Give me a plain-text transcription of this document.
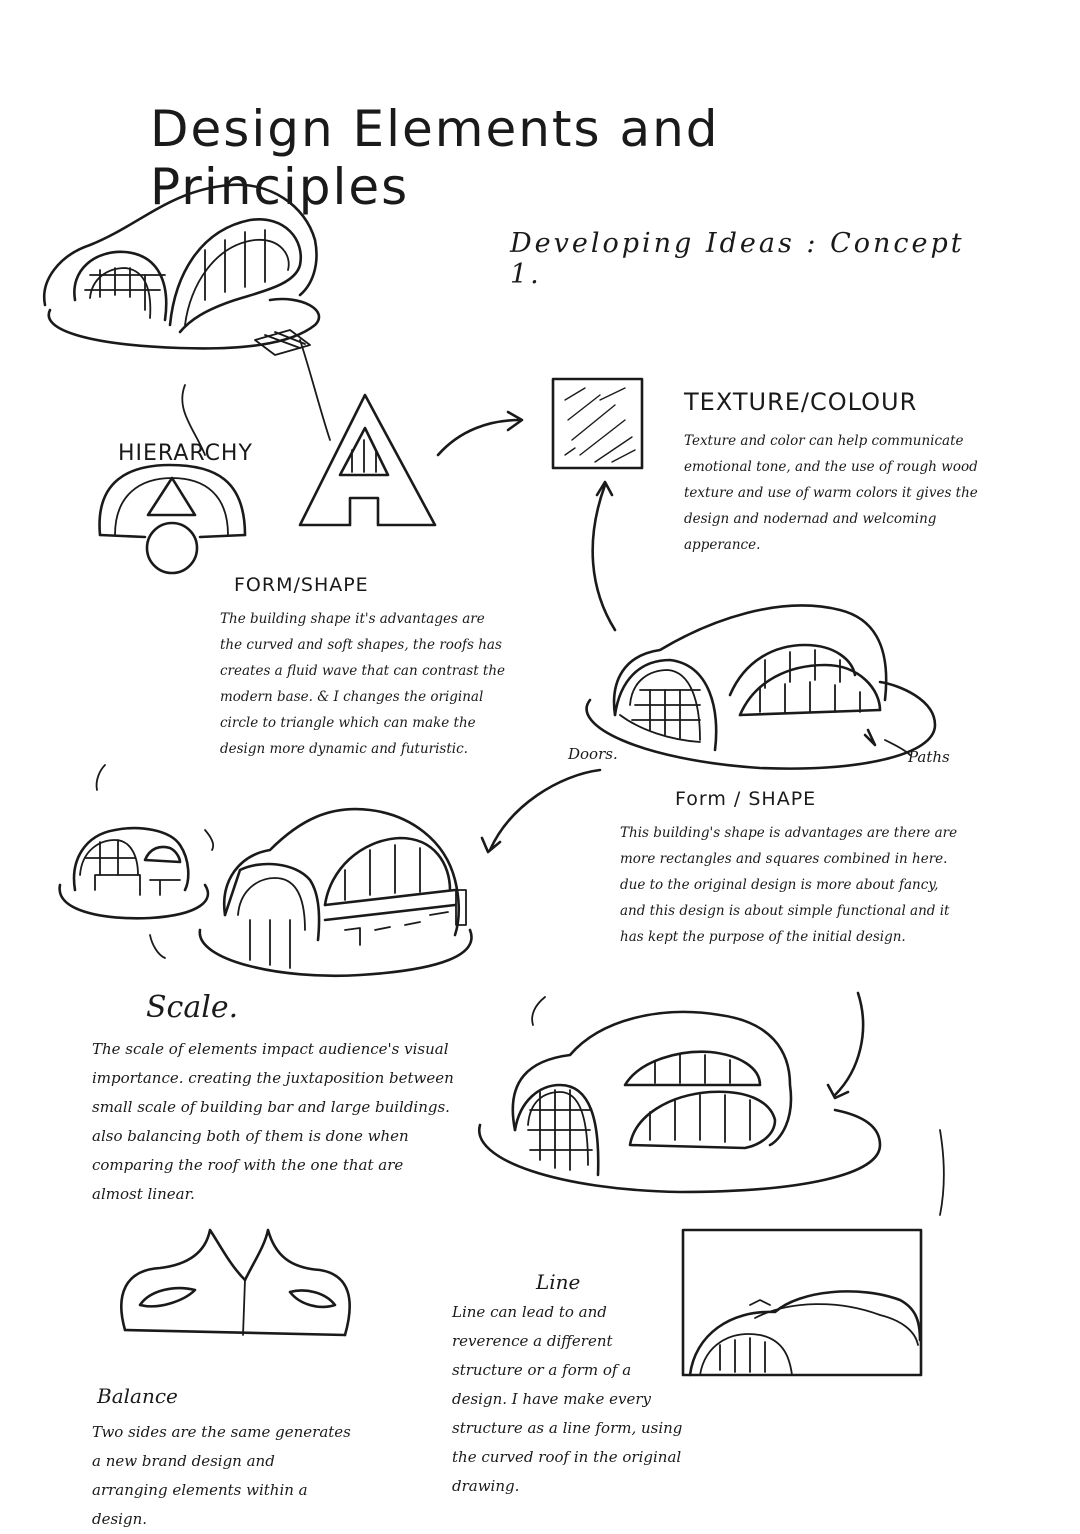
Design Elements and Principles
Developing Ideas : Concept 1.
HIERARCHY
TEXTURE/COLOUR
Texture and color can help communicate emotional tone, and the use of rough wood texture and use of warm colors it gives the design and nodernad and welcoming apperance.
FORM/SHAPE
The building shape it's advantages are the curved and soft shapes, the roofs has creates a fluid wave that can contrast the modern base. & I changes the original circle to triangle which can make the design more dynamic and futuristic.	Doors.	Paths
Form / SHAPE
This building's shape is advantages are there are more rectangles and squares combined in here. due to the original design is more about fancy, and this design is about simple functional and it has kept the purpose of the initial design.
Scale.
The scale of elements impact audience's visual importance. creating the juxtaposition between small scale of building bar and large buildings. also balancing both of them is done when comparing the roof with the one that are almost linear.
Line
Line can lead to and reverence a different structure or a form of a design. I have make every structure as a line form, using the curved roof in the original drawing.
Balance
Two sides are the same generates a new brand design and arranging elements within a design.
